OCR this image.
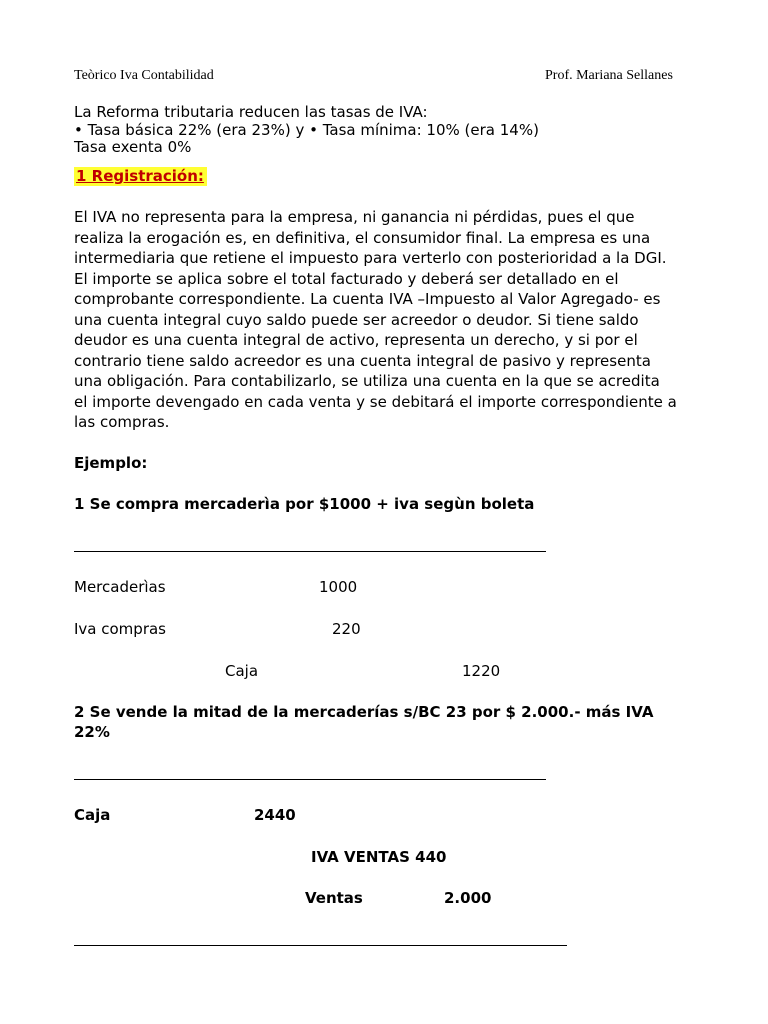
Teòrico Iva Contabilidad	Prof. Mariana Sellanes
La Reforma tributaria reducen las tasas de IVA:
• Tasa básica 22% (era 23%) y • Tasa mínima: 10% (era 14%)
Tasa exenta 0%
1 Registración:
El IVA no representa para la empresa, ni ganancia ni pérdidas, pues el que
realiza la erogación es, en definitiva, el consumidor final. La empresa es una
intermediaria que retiene el impuesto para verterlo con posterioridad a la DGI.
El importe se aplica sobre el total facturado y deberá ser detallado en el
comprobante correspondiente. La cuenta IVA –Impuesto al Valor Agregado- es
una cuenta integral cuyo saldo puede ser acreedor o deudor. Si tiene saldo
deudor es una cuenta integral de activo, representa un derecho, y si por el
contrario tiene saldo acreedor es una cuenta integral de pasivo y representa
una obligación. Para contabilizarlo, se utiliza una cuenta en la que se acredita
el importe devengado en cada venta y se debitará el importe correspondiente a
las compras.
Ejemplo:
1 Se compra mercaderìa por $1000 + iva segùn boleta
Mercaderìas	1000
Iva compras	220
Caja	1220
2 Se vende la mitad de la mercaderías s/BC 23 por $ 2.000.- más IVA
22%
Caja	2440
IVA VENTAS 440
Ventas	2.000
